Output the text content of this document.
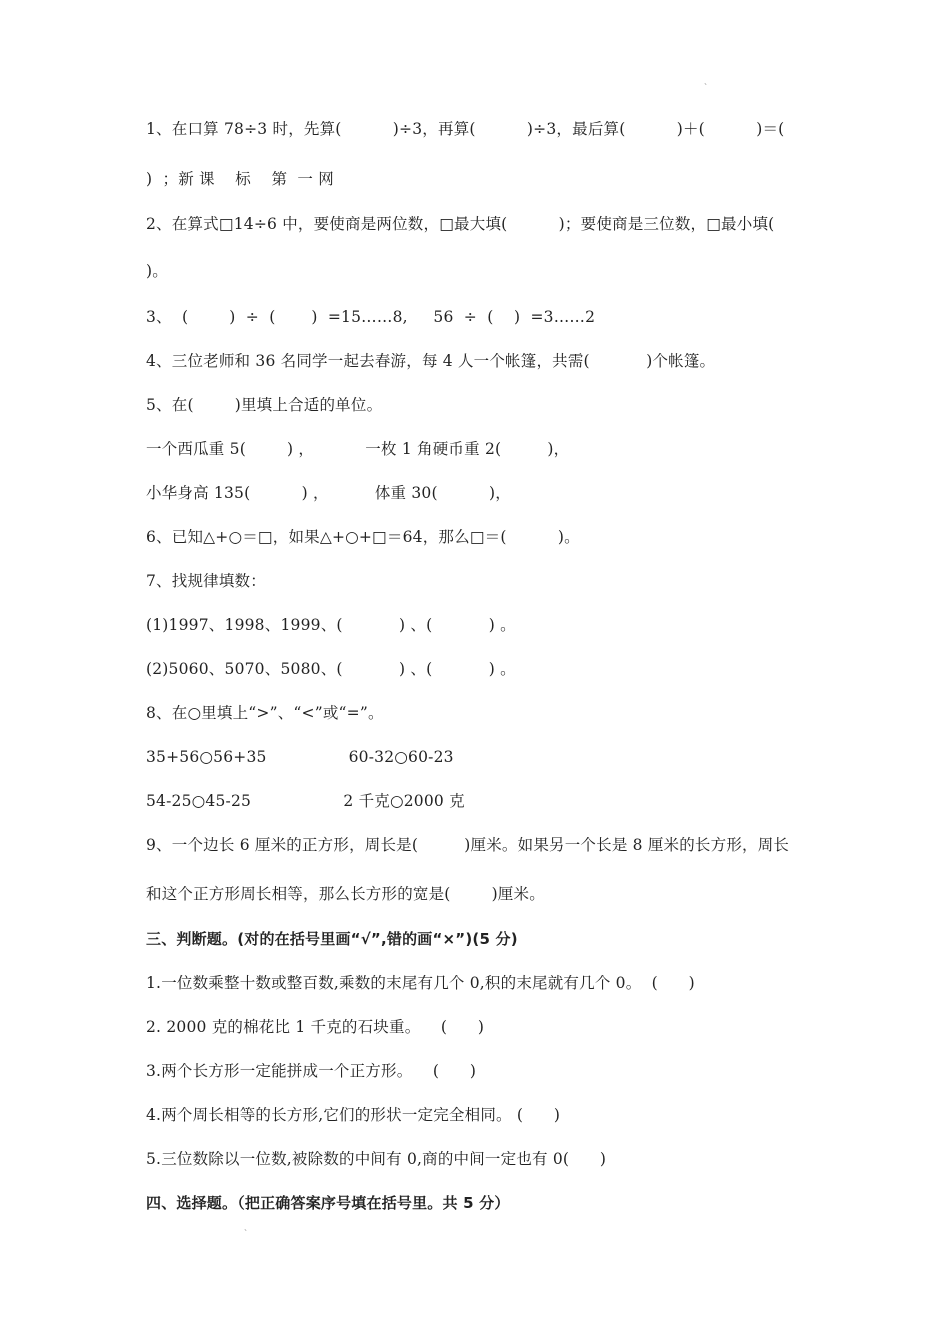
、
1、在口算 78÷3 时，先算(          )÷3，再算(          )÷3，最后算(          )＋(          )＝(
)  ；新 课    标    第  一 网
2、在算式□14÷6 中，要使商是两位数，□最大填(          )；要使商是三位数，□最小填(
)。
3、  (        )  ÷  (       )  =15……8,     56  ÷  (    )  =3……2
4、三位老师和 36 名同学一起去春游，每 4 人一个帐篷，共需(           )个帐篷。
5、在(        )里填上合适的单位。
一个西瓜重 5(        ) ，          一枚 1 角硬币重 2(         )，
小华身高 135(          ) ，         体重 30(          )，
6、已知△+○＝□，如果△+○+□＝64，那么□＝(          )。
7、找规律填数：
(1)1997、1998、1999、(           ) 、(           ) 。
(2)5060、5070、5080、(           ) 、(           ) 。
8、在○里填上“>”、“<”或“=”。
35+56○56+35                60-32○60-23
54-25○45-25                  2 千克○2000 克
9、一个边长 6 厘米的正方形，周长是(         )厘米。如果另一个长是 8 厘米的长方形，周长
和这个正方形周长相等，那么长方形的宽是(        )厘米。
三、判断题。(对的在括号里画“√”,错的画“×”)(5 分)
1.一位数乘整十数或整百数,乘数的末尾有几个 0,积的末尾就有几个 0。  (      )
2. 2000 克的棉花比 1 千克的石块重。    (      )
3.两个长方形一定能拼成一个正方形。    (      )
4.两个周长相等的长方形,它们的形状一定完全相同。 (      )
5.三位数除以一位数,被除数的中间有 0,商的中间一定也有 0(      )
四、选择题。（把正确答案序号填在括号里。共 5 分）
、
